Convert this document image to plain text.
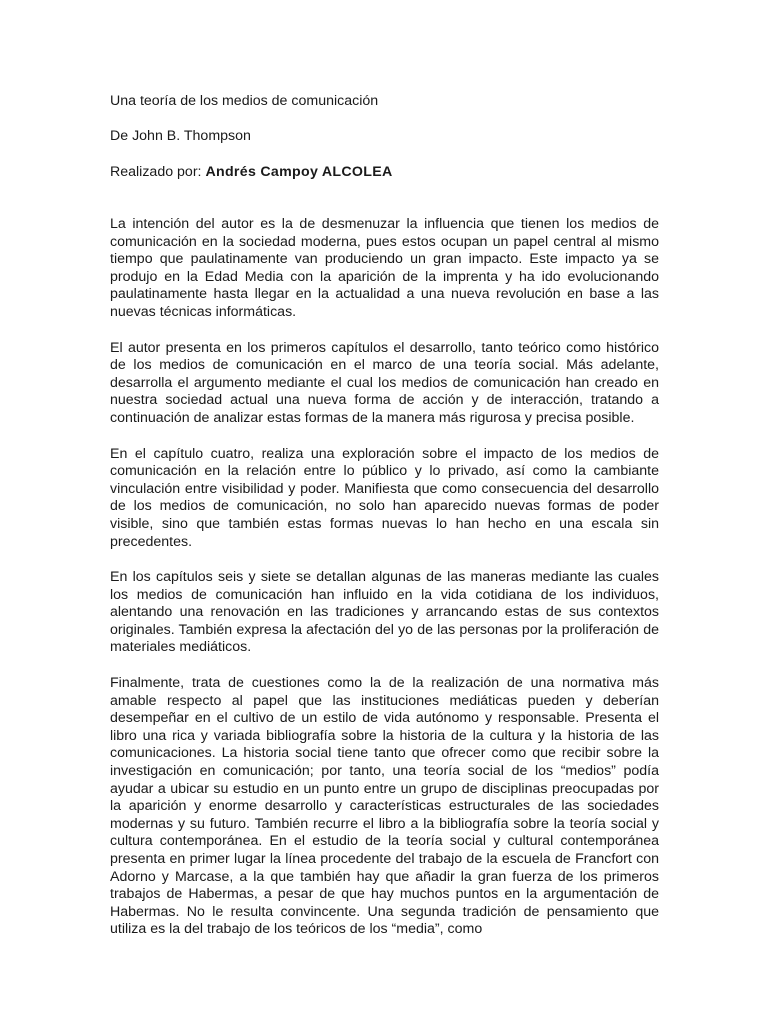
Una teoría de los medios de comunicación

De John B. Thompson

Realizado por: Andrés Campoy ALCOLEA

La intención del autor es la de desmenuzar la influencia que tienen los medios de comunicación en la sociedad moderna, pues estos ocupan un papel central al mismo tiempo que paulatinamente van produciendo un gran impacto. Este impacto ya se produjo en la Edad Media con la aparición de la imprenta y ha ido evolucionando paulatinamente hasta llegar en la actualidad a una nueva revolución en base a las nuevas técnicas informáticas.

El autor presenta en los primeros capítulos el desarrollo, tanto teórico como histórico de los medios de comunicación en el marco de una teoría social. Más adelante, desarrolla el argumento mediante el cual los medios de comunicación han creado en nuestra sociedad actual una nueva forma de acción y de interacción, tratando a continuación de analizar estas formas de la manera más rigurosa y precisa posible.

En el capítulo cuatro, realiza una exploración sobre el impacto de los medios de comunicación en la relación entre lo público y lo privado, así como la cambiante vinculación entre visibilidad y poder. Manifiesta que como consecuencia del desarrollo de los medios de comunicación, no solo han aparecido nuevas formas de poder visible, sino que también estas formas nuevas lo han hecho en una escala sin precedentes.

En los capítulos seis y siete se detallan algunas de las maneras mediante las cuales los medios de comunicación han influido en la vida cotidiana de los individuos, alentando una renovación en las tradiciones y arrancando estas de sus contextos originales. También expresa la afectación del yo de las personas por la proliferación de materiales mediáticos.

Finalmente, trata de cuestiones como la de la realización de una normativa más amable respecto al papel que las instituciones mediáticas pueden y deberían desempeñar en el cultivo de un estilo de vida autónomo y responsable. Presenta el libro una rica y variada bibliografía sobre la historia de la cultura y la historia de las comunicaciones. La historia social tiene tanto que ofrecer como que recibir sobre la investigación en comunicación; por tanto, una teoría social de los “medios” podía ayudar a ubicar su estudio en un punto entre un grupo de disciplinas preocupadas por la aparición y enorme desarrollo y características estructurales de las sociedades modernas y su futuro. También recurre el libro a la bibliografía sobre la teoría social y cultura contemporánea. En el estudio de la teoría social y cultural contemporánea presenta en primer lugar la línea procedente del trabajo de la escuela de Francfort con Adorno y Marcase, a la que también hay que añadir la gran fuerza de los primeros trabajos de Habermas, a pesar de que hay muchos puntos en la argumentación de Habermas. No le resulta convincente. Una segunda tradición de pensamiento que utiliza es la del trabajo de los teóricos de los “media”, como
